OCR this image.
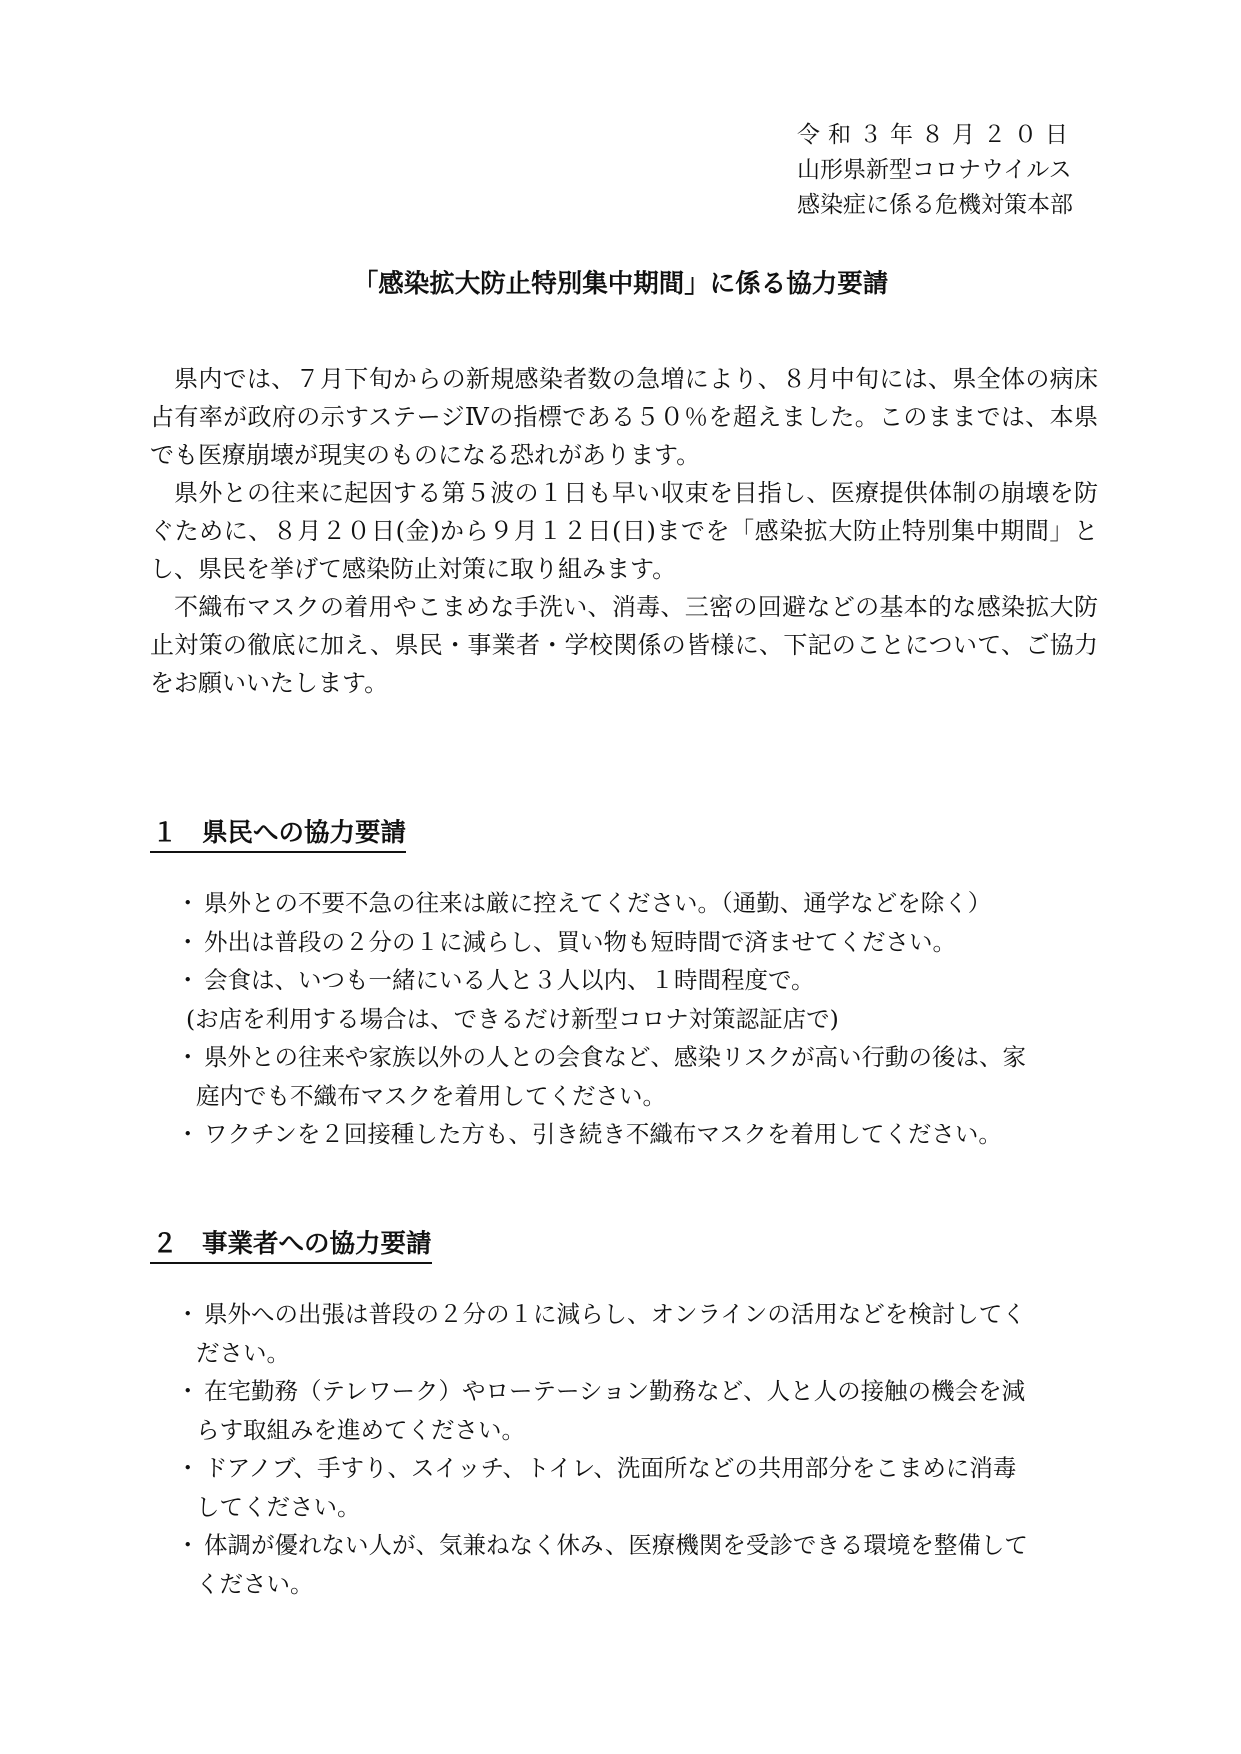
令和３年８月２０日
山形県新型コロナウイルス
感染症に係る危機対策本部
「感染拡大防止特別集中期間」に係る協力要請

県内では、７月下旬からの新規感染者数の急増により、８月中旬には、県全体の病床占有率が政府の示すステージⅣの指標である５０％を超えました。このままでは、本県でも医療崩壊が現実のものになる恐れがあります。

県外との往来に起因する第５波の１日も早い収束を目指し、医療提供体制の崩壊を防ぐために、８月２０日(金)から９月１２日(日)までを「感染拡大防止特別集中期間」とし、県民を挙げて感染防止対策に取り組みます。

不織布マスクの着用やこまめな手洗い、消毒、三密の回避などの基本的な感染拡大防止対策の徹底に加え、県民・事業者・学校関係の皆様に、下記のことについて、ご協力をお願いいたします。

１ 県民への協力要請
・ 県外との不要不急の往来は厳に控えてください。（通勤、通学などを除く）
・ 外出は普段の２分の１に減らし、買い物も短時間で済ませてください。
・ 会食は、いつも一緒にいる人と３人以内、１時間程度で。
(お店を利用する場合は、できるだけ新型コロナ対策認証店で)
・ 県外との往来や家族以外の人との会食など、感染リスクが高い行動の後は、家
庭内でも不織布マスクを着用してください。
・ ワクチンを２回接種した方も、引き続き不織布マスクを着用してください。
２ 事業者への協力要請
・ 県外への出張は普段の２分の１に減らし、オンラインの活用などを検討してく
ださい。
・ 在宅勤務（テレワーク）やローテーション勤務など、人と人の接触の機会を減
らす取組みを進めてください。
・ ドアノブ、手すり、スイッチ、トイレ、洗面所などの共用部分をこまめに消毒
してください。
・ 体調が優れない人が、気兼ねなく休み、医療機関を受診できる環境を整備して
ください。
